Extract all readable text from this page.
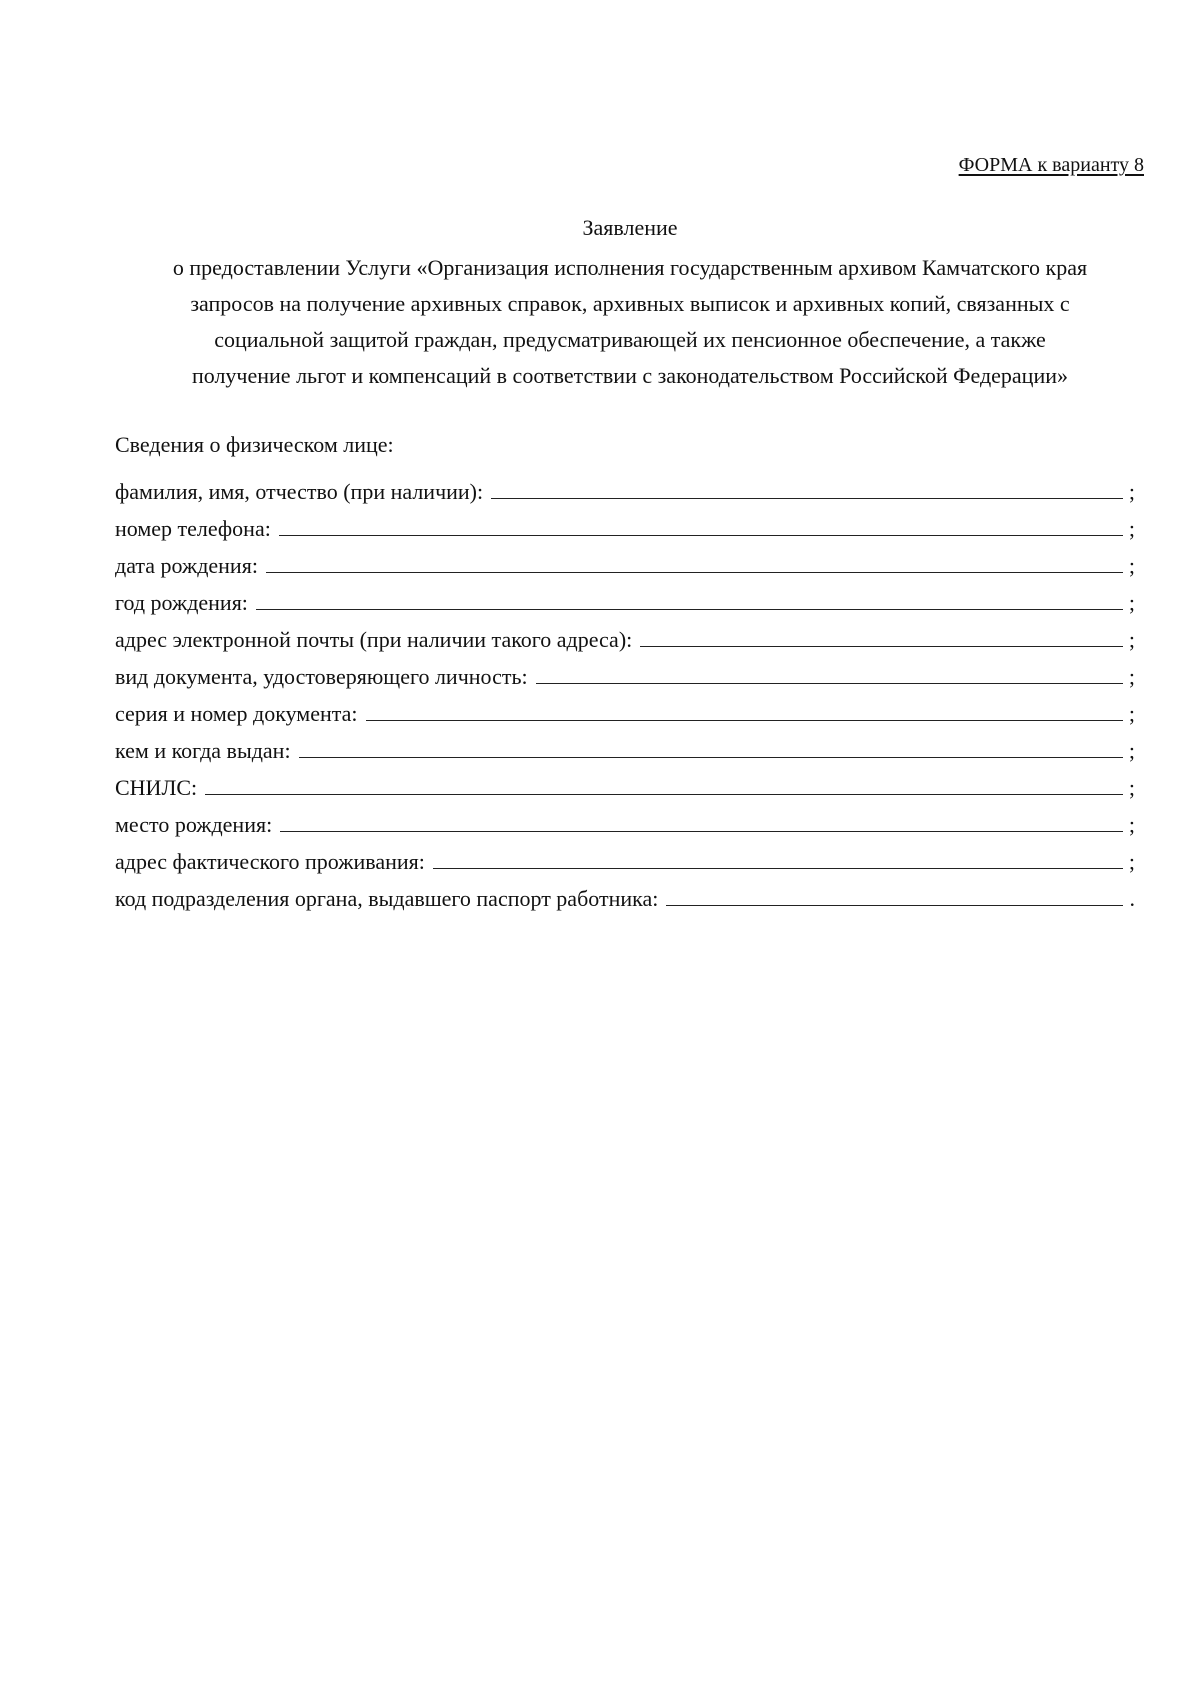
ФОРМА к варианту 8
Заявление
о предоставлении Услуги «Организация исполнения государственным архивом Камчатского края
запросов на получение архивных справок, архивных выписок и архивных копий, связанных с
социальной защитой граждан, предусматривающей их пенсионное обеспечение, а также
получение льгот и компенсаций в соответствии с законодательством Российской Федерации»
Сведения о физическом лице:
фамилия, имя, отчество (при наличии):	;
номер телефона:	;
дата рождения:	;
год рождения:	;
адрес электронной почты (при наличии такого адреса):	;
вид документа, удостоверяющего личность:	;
серия и номер документа:	;
кем и когда выдан:	;
СНИЛС:	;
место рождения:	;
адрес фактического проживания:	;
код подразделения органа, выдавшего паспорт работника:	.
